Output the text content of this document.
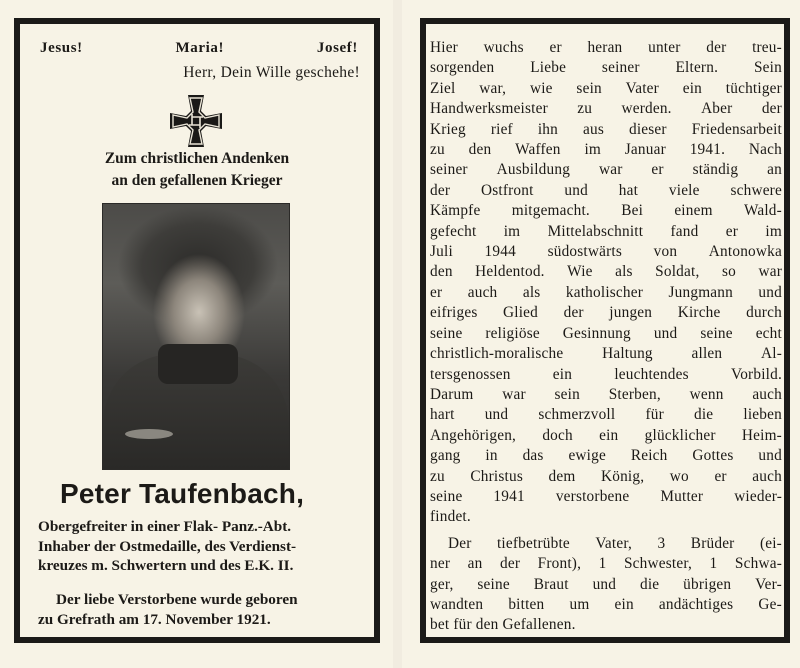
Jesus!	Maria!	Josef!
Herr, Dein Wille geschehe!
Zum christlichen Andenken
an den gefallenen Krieger
Peter Taufenbach,
Obergefreiter in einer Flak- Panz.-Abt.
Inhaber der Ostmedaille, des Verdienst-
kreuzes m. Schwertern und des E.K. II.
Der liebe Verstorbene wurde geboren
zu Grefrath am 17. November 1921.
Hier wuchs er heran unter der treu-
sorgenden Liebe seiner Eltern. Sein
Ziel war, wie sein Vater ein tüchtiger
Handwerksmeister zu werden. Aber der
Krieg rief ihn aus dieser Friedensarbeit
zu den Waffen im Januar 1941. Nach
seiner Ausbildung war er ständig an
der Ostfront und hat viele schwere
Kämpfe mitgemacht. Bei einem Wald-
gefecht im Mittelabschnitt fand er im
Juli 1944 südostwärts von Antonowka
den Heldentod. Wie als Soldat, so war
er auch als katholischer Jungmann und
eifriges Glied der jungen Kirche durch
seine religiöse Gesinnung und seine echt
christlich-moralische	Haltung	allen	Al-
tersgenossen	ein	leuchtendes	Vorbild.
Darum war sein Sterben, wenn auch
hart und schmerzvoll für die lieben
Angehörigen, doch ein glücklicher Heim-
gang in das ewige Reich Gottes und
zu Christus dem König, wo er auch
seine 1941 verstorbene Mutter wieder-
findet.
Der tiefbetrübte Vater, 3 Brüder (ei-
ner an der Front), 1 Schwester, 1 Schwa-
ger, seine Braut und die übrigen Ver-
wandten bitten um ein andächtiges Ge-
bet für den Gefallenen.
